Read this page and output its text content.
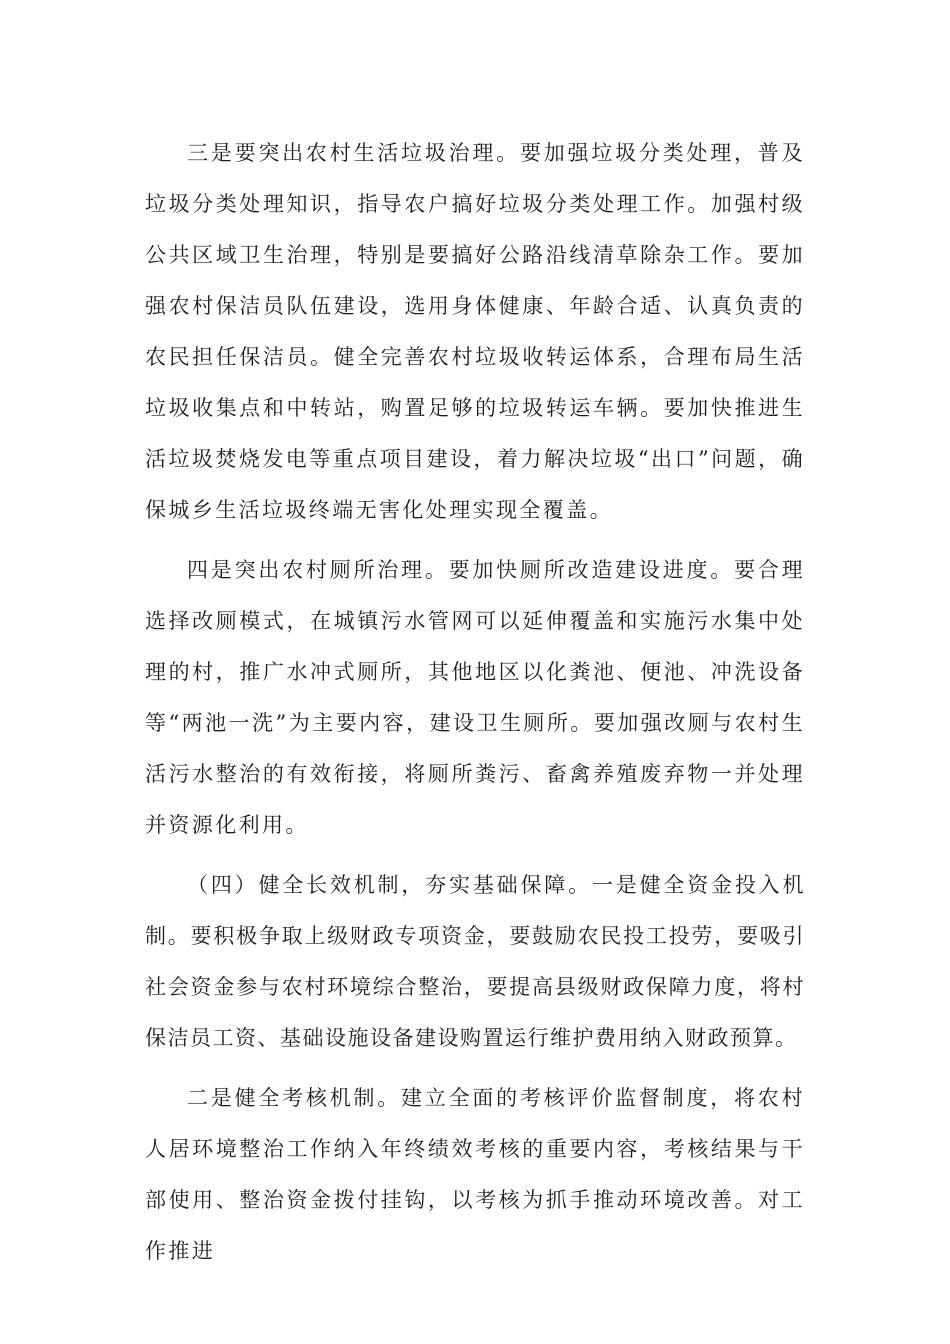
三是要突出农村生活垃圾治理。要加强垃圾分类处理，普及垃圾分类处理知识，指导农户搞好垃圾分类处理工作。加强村级公共区域卫生治理，特别是要搞好公路沿线清草除杂工作。要加强农村保洁员队伍建设，选用身体健康、年龄合适、认真负责的农民担任保洁员。健全完善农村垃圾收转运体系，合理布局生活垃圾收集点和中转站，购置足够的垃圾转运车辆。要加快推进生活垃圾焚烧发电等重点项目建设，着力解决垃圾“出口”问题，确保城乡生活垃圾终端无害化处理实现全覆盖。

四是突出农村厕所治理。要加快厕所改造建设进度。要合理选择改厕模式，在城镇污水管网可以延伸覆盖和实施污水集中处理的村，推广水冲式厕所，其他地区以化粪池、便池、冲洗设备等“两池一洗”为主要内容，建设卫生厕所。要加强改厕与农村生活污水整治的有效衔接，将厕所粪污、畜禽养殖废弃物一并处理并资源化利用。

（四）健全长效机制，夯实基础保障。一是健全资金投入机制。要积极争取上级财政专项资金，要鼓励农民投工投劳，要吸引社会资金参与农村环境综合整治，要提高县级财政保障力度，将村保洁员工资、基础设施设备建设购置运行维护费用纳入财政预算。

二是健全考核机制。建立全面的考核评价监督制度，将农村人居环境整治工作纳入年终绩效考核的重要内容，考核结果与干部使用、整治资金拨付挂钩，以考核为抓手推动环境改善。对工作推进
